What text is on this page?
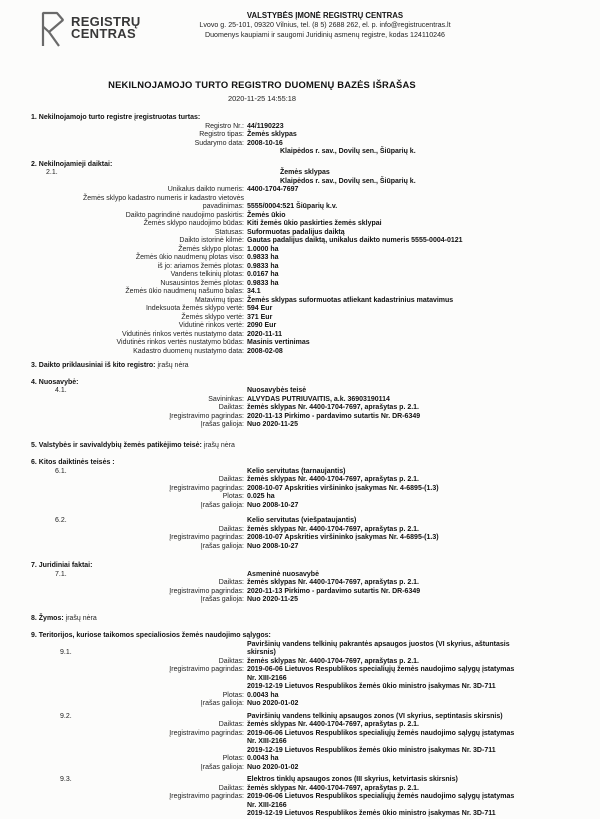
REGISTRŲ
CENTRAS
VALSTYBĖS ĮMONĖ REGISTRŲ CENTRAS
Lvovo g. 25-101, 09320 Vilnius, tel. (8 5) 2688 262, el. p. info@registrucentras.lt
Duomenys kaupiami ir saugomi Juridinių asmenų registre, kodas 124110246
NEKILNOJAMOJO TURTO REGISTRO DUOMENŲ BAZĖS IŠRAŠAS
2020-11-25 14:55:18
1. Nekilnojamojo turto registre įregistruotas turtas:
Registro Nr.: 44/1190223
Registro tipas: Žemės sklypas
Sudarymo data: 2008-10-16
Klaipėdos r. sav., Dovilų sen., Šiūparių k.
2. Nekilnojamieji daiktai:
2.1.	Žemės sklypas
Klaipėdos r. sav., Dovilų sen., Šiūparių k.
Unikalus daikto numeris: 4400-1704-7697
Žemės sklypo kadastro numeris ir kadastro vietovės
pavadinimas: 5555/0004:521 Šiūparių k.v.
Daikto pagrindinė naudojimo paskirtis: Žemės ūkio
Žemės sklypo naudojimo būdas: Kiti žemės ūkio paskirties žemės sklypai
Statusas: Suformuotas padalijus daiktą
Daikto istorinė kilmė: Gautas padalijus daiktą, unikalus daikto numeris 5555-0004-0121
Žemės sklypo plotas: 1.0000 ha
Žemės ūkio naudmenų plotas viso: 0.9833 ha
iš jo: ariamos žemės plotas: 0.9833 ha
Vandens telkinių plotas: 0.0167 ha
Nusausintos žemės plotas: 0.9833 ha
Žemės ūkio naudmenų našumo balas: 34.1
Matavimų tipas: Žemės sklypas suformuotas atliekant kadastrinius matavimus
Indeksuota žemės sklypo vertė: 594 Eur
Žemės sklypo vertė: 371 Eur
Vidutinė rinkos vertė: 2090 Eur
Vidutinės rinkos vertės nustatymo data: 2020-11-11
Vidutinės rinkos vertės nustatymo būdas: Masinis vertinimas
Kadastro duomenų nustatymo data: 2008-02-08
3. Daikto priklausiniai iš kito registro: įrašų nėra
4. Nuosavybė:
4.1.	Nuosavybės teisė
Savininkas: ALVYDAS PUTRIUVAITIS, a.k. 36903190114
Daiktas: žemės sklypas Nr. 4400-1704-7697, aprašytas p. 2.1.
Įregistravimo pagrindas: 2020-11-13 Pirkimo - pardavimo sutartis Nr. DR-6349
Įrašas galioja: Nuo 2020-11-25
5. Valstybės ir savivaldybių žemės patikėjimo teisė: įrašų nėra
6. Kitos daiktinės teisės :
6.1.	Kelio servitutas (tarnaujantis)
Daiktas: žemės sklypas Nr. 4400-1704-7697, aprašytas p. 2.1.
Įregistravimo pagrindas: 2008-10-07 Apskrities viršininko įsakymas Nr. 4-6895-(1.3)
Plotas: 0.025 ha
Įrašas galioja: Nuo 2008-10-27
6.2.	Kelio servitutas (viešpataujantis)
Daiktas: žemės sklypas Nr. 4400-1704-7697, aprašytas p. 2.1.
Įregistravimo pagrindas: 2008-10-07 Apskrities viršininko įsakymas Nr. 4-6895-(1.3)
Įrašas galioja: Nuo 2008-10-27
7. Juridiniai faktai:
7.1.	Asmeninė nuosavybė
Daiktas: žemės sklypas Nr. 4400-1704-7697, aprašytas p. 2.1.
Įregistravimo pagrindas: 2020-11-13 Pirkimo - pardavimo sutartis Nr. DR-6349
Įrašas galioja: Nuo 2020-11-25
8. Žymos: įrašų nėra
9. Teritorijos, kuriose taikomos specialiosios žemės naudojimo sąlygos:
9.1.
Paviršinių vandens telkinių pakrantės apsaugos juostos (VI skyrius, aštuntasis
skirsnis)
Daiktas: žemės sklypas Nr. 4400-1704-7697, aprašytas p. 2.1.
Įregistravimo pagrindas: 2019-06-06 Lietuvos Respublikos specialiųjų žemės naudojimo sąlygų įstatymas
Nr. XIII-2166
2019-12-19 Lietuvos Respublikos žemės ūkio ministro įsakymas Nr. 3D-711
Plotas: 0.0043 ha
Įrašas galioja: Nuo 2020-01-02
9.2.	Paviršinių vandens telkinių apsaugos zonos (VI skyrius, septintasis skirsnis)
Daiktas: žemės sklypas Nr. 4400-1704-7697, aprašytas p. 2.1.
Įregistravimo pagrindas: 2019-06-06 Lietuvos Respublikos specialiųjų žemės naudojimo sąlygų įstatymas
Nr. XIII-2166
2019-12-19 Lietuvos Respublikos žemės ūkio ministro įsakymas Nr. 3D-711
Plotas: 0.0043 ha
Įrašas galioja: Nuo 2020-01-02
9.3.	Elektros tinklų apsaugos zonos (III skyrius, ketvirtasis skirsnis)
Daiktas: žemės sklypas Nr. 4400-1704-7697, aprašytas p. 2.1.
Įregistravimo pagrindas: 2019-06-06 Lietuvos Respublikos specialiųjų žemės naudojimo sąlygų įstatymas
Nr. XIII-2166
2019-12-19 Lietuvos Respublikos žemės ūkio ministro įsakymas Nr. 3D-711
